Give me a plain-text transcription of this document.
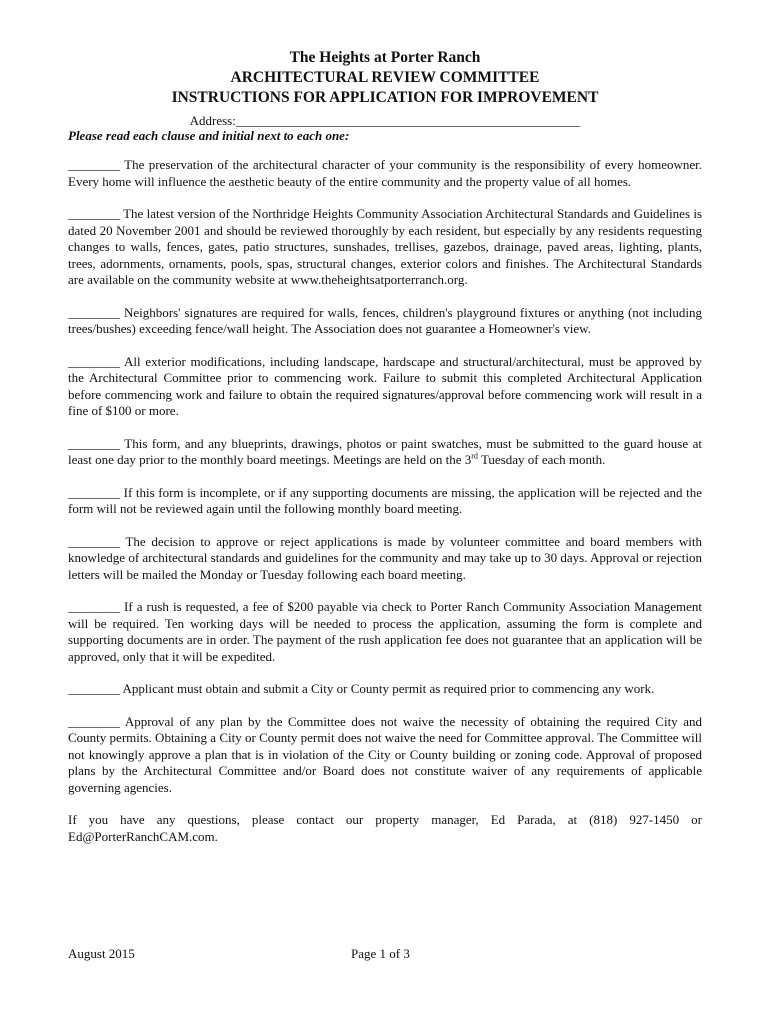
The Heights at Porter Ranch
ARCHITECTURAL REVIEW COMMITTEE
INSTRUCTIONS FOR APPLICATION FOR IMPROVEMENT
Address:_____________________________________________________
Please read each clause and initial next to each one:

________ The preservation of the architectural character of your community is the responsibility of every homeowner. Every home will influence the aesthetic beauty of the entire community and the property value of all homes.

________ The latest version of the Northridge Heights Community Association Architectural Standards and Guidelines is dated 20 November 2001 and should be reviewed thoroughly by each resident, but especially by any residents requesting changes to walls, fences, gates, patio structures, sunshades, trellises, gazebos, drainage, paved areas, lighting, plants, trees, adornments, ornaments, pools, spas, structural changes, exterior colors and finishes. The Architectural Standards are available on the community website at www.theheightsatporterranch.org.

________ Neighbors' signatures are required for walls, fences, children's playground fixtures or anything (not including trees/bushes) exceeding fence/wall height. The Association does not guarantee a Homeowner's view.

________ All exterior modifications, including landscape, hardscape and structural/architectural, must be approved by the Architectural Committee prior to commencing work. Failure to submit this completed Architectural Application before commencing work and failure to obtain the required signatures/approval before commencing work will result in a fine of $100 or more.

________ This form, and any blueprints, drawings, photos or paint swatches, must be submitted to the guard house at least one day prior to the monthly board meetings. Meetings are held on the 3rd Tuesday of each month.

________ If this form is incomplete, or if any supporting documents are missing, the application will be rejected and the form will not be reviewed again until the following monthly board meeting.

________ The decision to approve or reject applications is made by volunteer committee and board members with knowledge of architectural standards and guidelines for the community and may take up to 30 days. Approval or rejection letters will be mailed the Monday or Tuesday following each board meeting.

________ If a rush is requested, a fee of $200 payable via check to Porter Ranch Community Association Management will be required. Ten working days will be needed to process the application, assuming the form is complete and supporting documents are in order. The payment of the rush application fee does not guarantee that an application will be approved, only that it will be expedited.

________ Applicant must obtain and submit a City or County permit as required prior to commencing any work.

________ Approval of any plan by the Committee does not waive the necessity of obtaining the required City and County permits. Obtaining a City or County permit does not waive the need for Committee approval. The Committee will not knowingly approve a plan that is in violation of the City or County building or zoning code. Approval of proposed plans by the Architectural Committee and/or Board does not constitute waiver of any requirements of applicable governing agencies.

If you have any questions, please contact our property manager, Ed Parada, at (818) 927-1450 or Ed@PorterRanchCAM.com.

August 2015	Page 1 of 3
